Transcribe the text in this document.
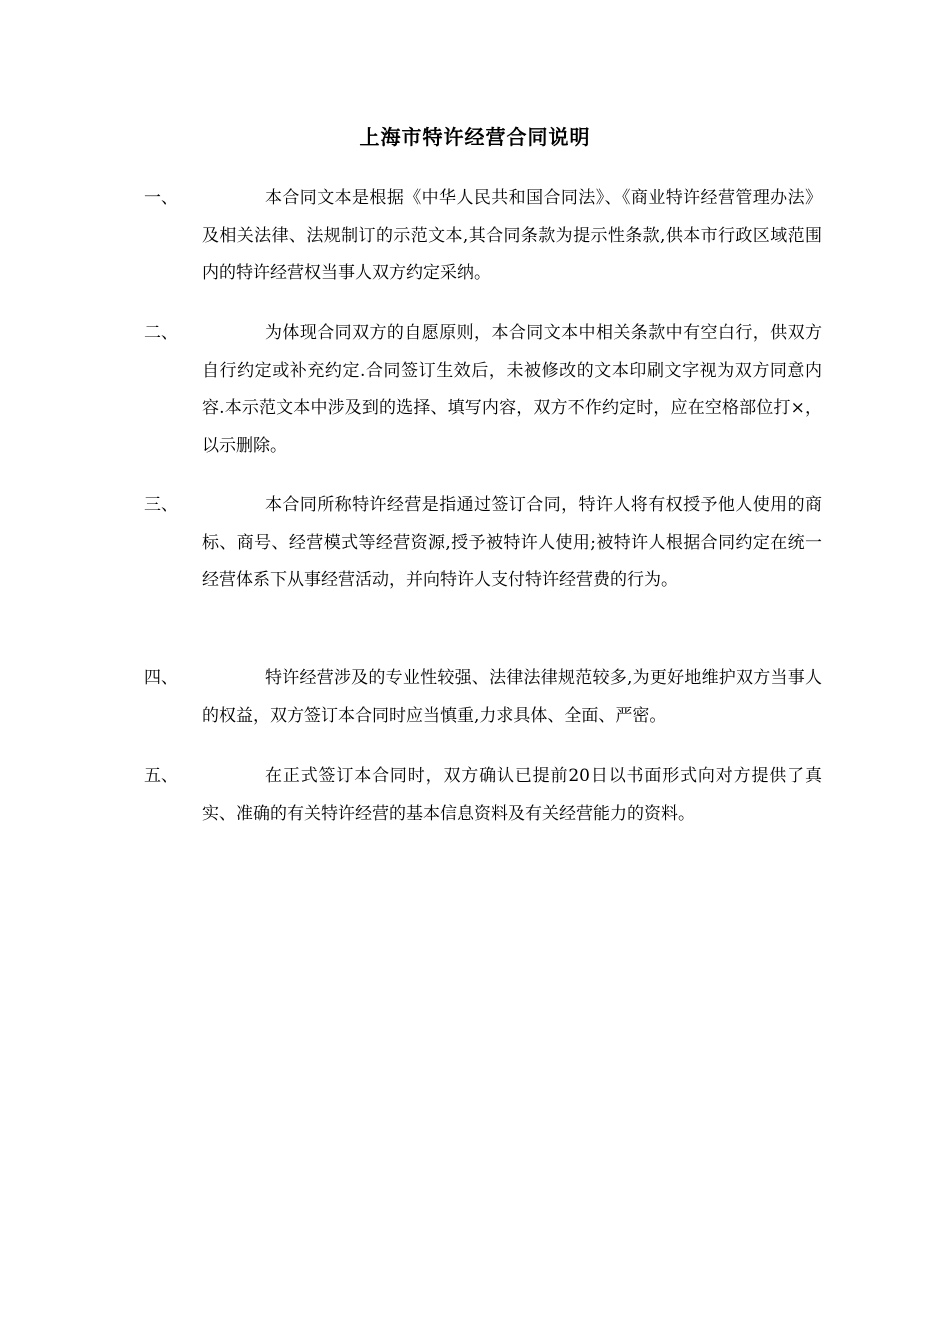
上海市特许经营合同说明
一、	本合同文本是根据《中华人民共和国合同法》、《商业特许经营管理办法》及相关法律、法规制订的示范文本,其合同条款为提示性条款,供本市行政区域范围内的特许经营权当事人双方约定采纳。
二、	为体现合同双方的自愿原则，本合同文本中相关条款中有空白行，供双方自行约定或补充约定.合同签订生效后，未被修改的文本印刷文字视为双方同意内容.本示范文本中涉及到的选择、填写内容，双方不作约定时，应在空格部位打×，以示删除。
三、	本合同所称特许经营是指通过签订合同，特许人将有权授予他人使用的商标、商号、经营模式等经营资源,授予被特许人使用;被特许人根据合同约定在统一经营体系下从事经营活动，并向特许人支付特许经营费的行为。
四、	特许经营涉及的专业性较强、法律法律规范较多,为更好地维护双方当事人的权益，双方签订本合同时应当慎重,力求具体、全面、严密。
五、	在正式签订本合同时，双方确认已提前20日以书面形式向对方提供了真实、准确的有关特许经营的基本信息资料及有关经营能力的资料。
